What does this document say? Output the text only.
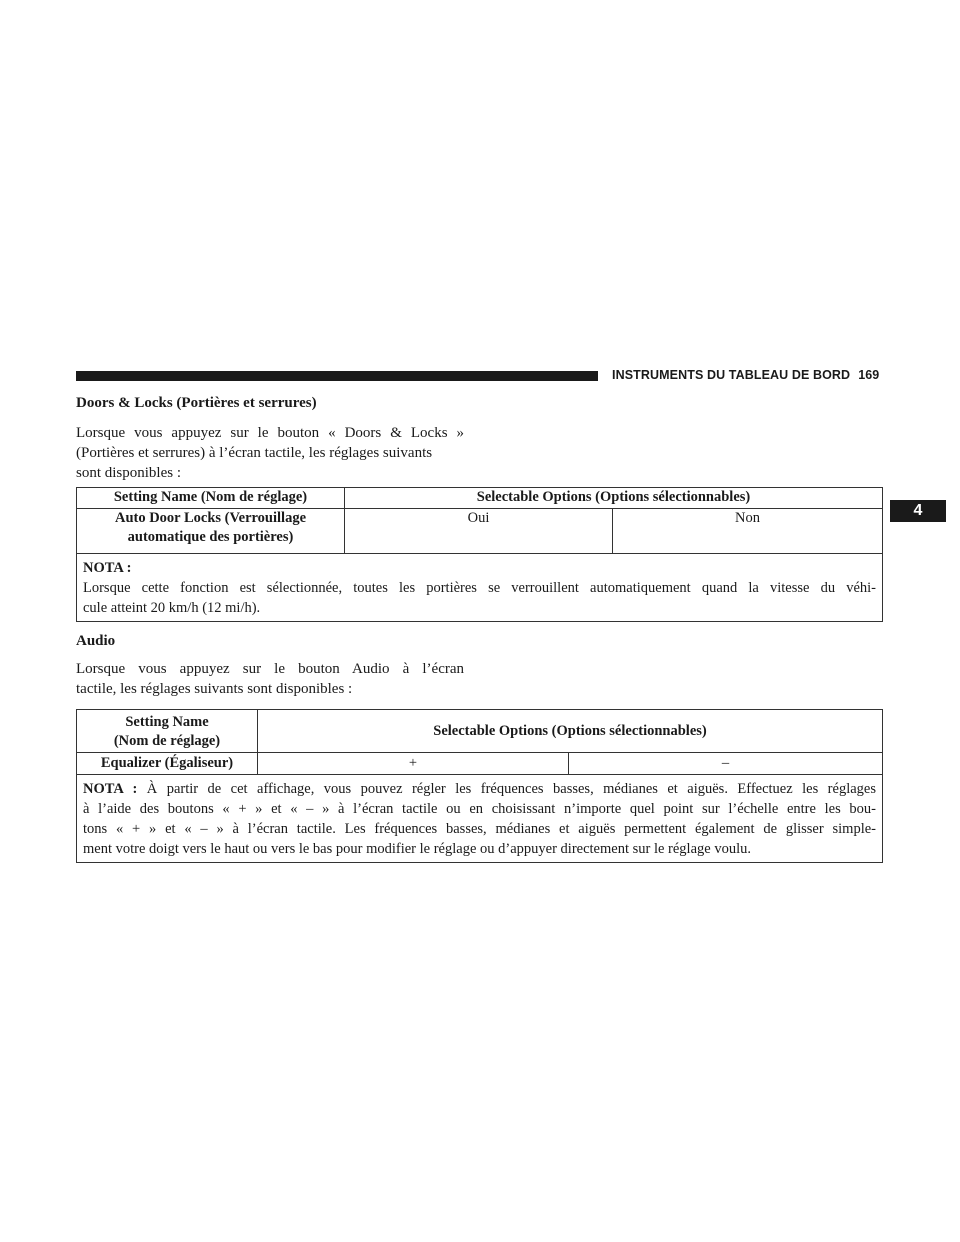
INSTRUMENTS DU TABLEAU DE BORD 169
4
Doors & Locks (Portières et serrures)
Lorsque vous appuyez sur le bouton « Doors & Locks »
(Portières et serrures) à l’écran tactile, les réglages suivants
sont disponibles :
Setting Name (Nom de réglage)	Selectable Options (Options sélectionnables)	

Auto Door Locks (Verrouillage
automatique des portières)	Oui	Non

NOTA :
Lorsque cette fonction est sélectionnée, toutes les portières se verrouillent automatiquement quand la vitesse du véhi-
cule atteint 20 km/h (12 mi/h).		
Audio
Lorsque vous appuyez sur le bouton Audio à l’écran
tactile, les réglages suivants sont disponibles :
Setting Name
(Nom de réglage)	Selectable Options (Options sélectionnables)	
Equalizer (Égaliseur)	+	–

NOTA : À partir de cet affichage, vous pouvez régler les fréquences basses, médianes et aiguës. Effectuez les réglages
à l’aide des boutons « + » et « – » à l’écran tactile ou en choisissant n’importe quel point sur l’échelle entre les bou-
tons « + » et « – » à l’écran tactile. Les fréquences basses, médianes et aiguës permettent également de glisser simple-
ment votre doigt vers le haut ou vers le bas pour modifier le réglage ou d’appuyer directement sur le réglage voulu.		
